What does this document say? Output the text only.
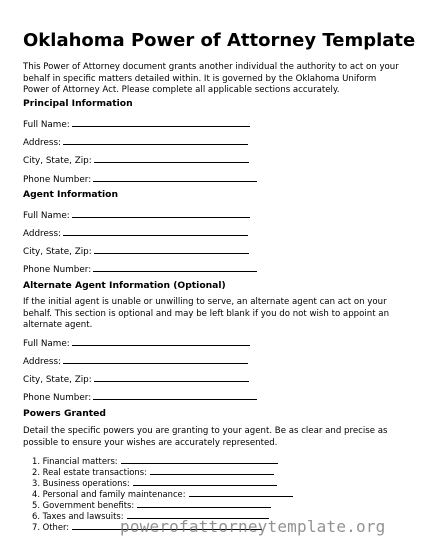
Oklahoma Power of Attorney Template
This Power of Attorney document grants another individual the authority to act on your behalf in specific matters detailed within. It is governed by the Oklahoma Uniform Power of Attorney Act. Please complete all applicable sections accurately.
Principal Information
Full Name:
Address:
City, State, Zip:
Phone Number:
Agent Information
Full Name:
Address:
City, State, Zip:
Phone Number:
Alternate Agent Information (Optional)
If the initial agent is unable or unwilling to serve, an alternate agent can act on your behalf. This section is optional and may be left blank if you do not wish to appoint an alternate agent.
Full Name:
Address:
City, State, Zip:
Phone Number:
Powers Granted
Detail the specific powers you are granting to your agent. Be as clear and precise as possible to ensure your wishes are accurately represented.
1. Financial matters:
2. Real estate transactions:
3. Business operations:
4. Personal and family maintenance:
5. Government benefits:
6. Taxes and lawsuits:
7. Other:	powerofattorneytemplate.org
